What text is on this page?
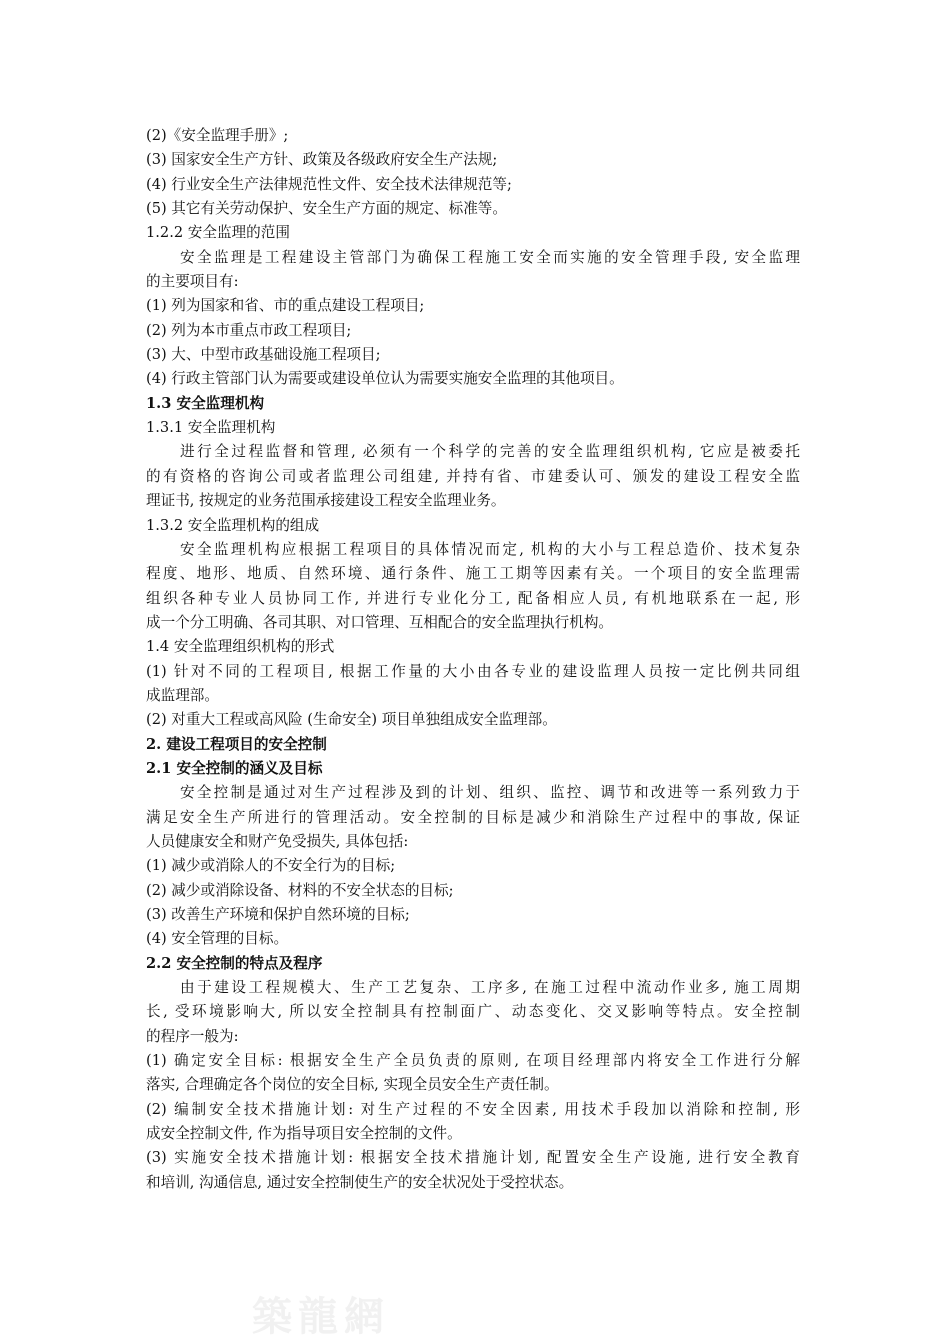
(2)《安全监理手册》;

(3) 国家安全生产方针、政策及各级政府安全生产法规;

(4) 行业安全生产法律规范性文件、安全技术法律规范等;

(5) 其它有关劳动保护、安全生产方面的规定、标准等。

1.2.2 安全监理的范围

安全监理是工程建设主管部门为确保工程施工安全而实施的安全管理手段, 安全监理

的主要项目有:

(1) 列为国家和省、市的重点建设工程项目;

(2) 列为本市重点市政工程项目;

(3) 大、中型市政基础设施工程项目;

(4) 行政主管部门认为需要或建设单位认为需要实施安全监理的其他项目。

1.3 安全监理机构

1.3.1 安全监理机构

进行全过程监督和管理, 必须有一个科学的完善的安全监理组织机构, 它应是被委托

的有资格的咨询公司或者监理公司组建, 并持有省、市建委认可、颁发的建设工程安全监

理证书, 按规定的业务范围承接建设工程安全监理业务。

1.3.2 安全监理机构的组成

安全监理机构应根据工程项目的具体情况而定, 机构的大小与工程总造价、技术复杂

程度、地形、地质、自然环境、通行条件、施工工期等因素有关。一个项目的安全监理需

组织各种专业人员协同工作, 并进行专业化分工, 配备相应人员, 有机地联系在一起, 形

成一个分工明确、各司其职、对口管理、互相配合的安全监理执行机构。

1.4 安全监理组织机构的形式

(1) 针对不同的工程项目, 根据工作量的大小由各专业的建设监理人员按一定比例共同组

成监理部。

(2) 对重大工程或高风险 (生命安全) 项目单独组成安全监理部。

2. 建设工程项目的安全控制

2.1 安全控制的涵义及目标

安全控制是通过对生产过程涉及到的计划、组织、监控、调节和改进等一系列致力于

满足安全生产所进行的管理活动。安全控制的目标是减少和消除生产过程中的事故, 保证

人员健康安全和财产免受损失, 具体包括:

(1) 减少或消除人的不安全行为的目标;

(2) 减少或消除设备、材料的不安全状态的目标;

(3) 改善生产环境和保护自然环境的目标;

(4) 安全管理的目标。

2.2 安全控制的特点及程序

由于建设工程规模大、生产工艺复杂、工序多, 在施工过程中流动作业多, 施工周期

长, 受环境影响大, 所以安全控制具有控制面广、动态变化、交叉影响等特点。安全控制

的程序一般为:

(1) 确定安全目标: 根据安全生产全员负责的原则, 在项目经理部内将安全工作进行分解

落实, 合理确定各个岗位的安全目标, 实现全员安全生产责任制。

(2) 编制安全技术措施计划: 对生产过程的不安全因素, 用技术手段加以消除和控制, 形

成安全控制文件, 作为指导项目安全控制的文件。

(3) 实施安全技术措施计划: 根据安全技术措施计划, 配置安全生产设施, 进行安全教育

和培训, 沟通信息, 通过安全控制使生产的安全状况处于受控状态。

築龍網
